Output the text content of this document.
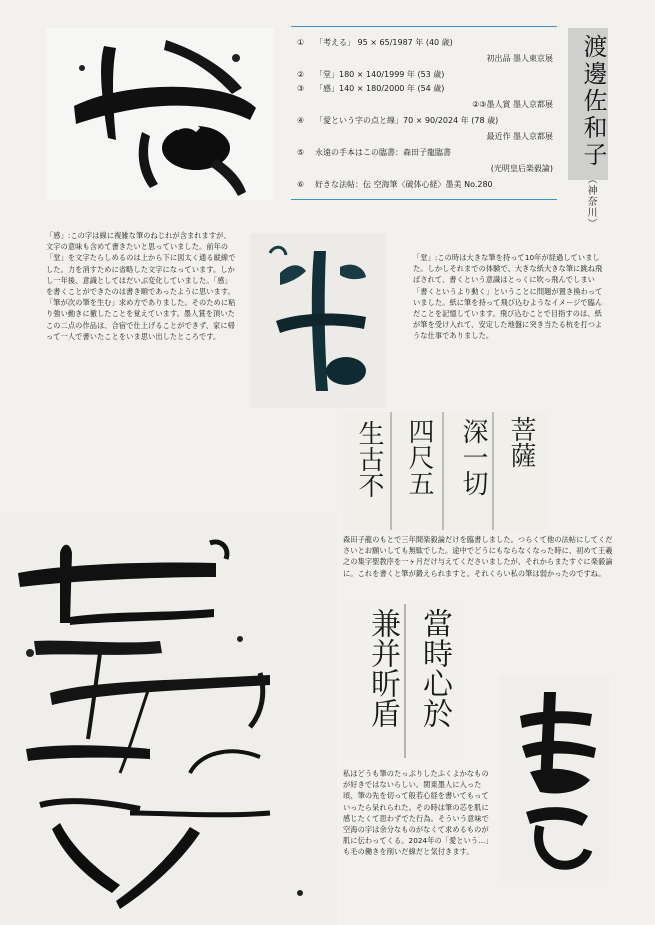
① 「考える」 95 × 65/1987 年 (40 歳)
初出品 墨人東京展
② 「堂」180 × 140/1999 年 (53 歳)
③ 「感」140 × 180/2000 年 (54 歳)
②③墨人賞 墨人京都展
④ 「愛という字の点と線」70 × 90/2024 年 (78 歳)
最近作 墨人京都展
⑤ 永遠の手本はこの臨書：森田子龍臨書
(光明皇后楽毅論)
⑥ 好きな法帖：伝 空海筆〈破体心経〉墨美 No.280
渡邊佐和子
（神奈川）

「感」:この字は線に複雑な筆のねじれが含まれますが、文字の意味も含めて書きたいと思っていました。前年の「堂」を文字たらしめるのは上から下に図太く通る縦線でした。力を消すために省略した文字になっています。しかし一年後、意識としてはだいぶ変化していました。「感」を書くことができたのは書き順であったように思います。

「筆が次の筆を生む」求め方でありました。そのために粘り強い動きに徹したことを覚えています。墨人賞を頂いたこの二点の作品は、合宿で仕上げることができず、家に帰って一人で書いたことをいま思い出したところです。

「堂」:この時は大きな筆を持って10年が経過していました。しかしそれまでの体験で、大きな紙大きな筆に跳ね飛ばされて、書くという意識はとっくに吹っ飛んでしまい「書くというより動く」ということに問題が置き換わっていました。紙に筆を持って飛び込むようなイメージで臨んだことを記憶しています。飛び込むことで目指すのは、紙が筆を受け入れて、安定した地盤に突き当たる杭を打つような仕事でありました。

菩薩
深一切
四尺五
生古不

森田子龍のもとで三年間楽毅論だけを臨書しました。つらくて他の法帖にしてくださいとお願いしても無駄でした。途中でどうにもならなくなった時に、初めて王羲之の集字聖教序を一ヶ月だけ与えてくださいましたが、それからまたすぐに楽毅論に。これを書くと筆が鍛えられますと。それくらい私の筆は弱かったのですね。

當時心於
兼并昕盾

私はどうも筆のたっぷりしたふくよかなものが好きではないらしい。関東墨人に入った頃、筆の先を切って般若心経を書いてもっていったら呆れられた。その時は筆の芯を肌に感じたくて思わずでた行為。そういう意味で空海の字は余分なものがなくて求めるものが肌に伝わってくる。2024年の「愛という…」も毛の働きを削いだ線だと気付きます。
